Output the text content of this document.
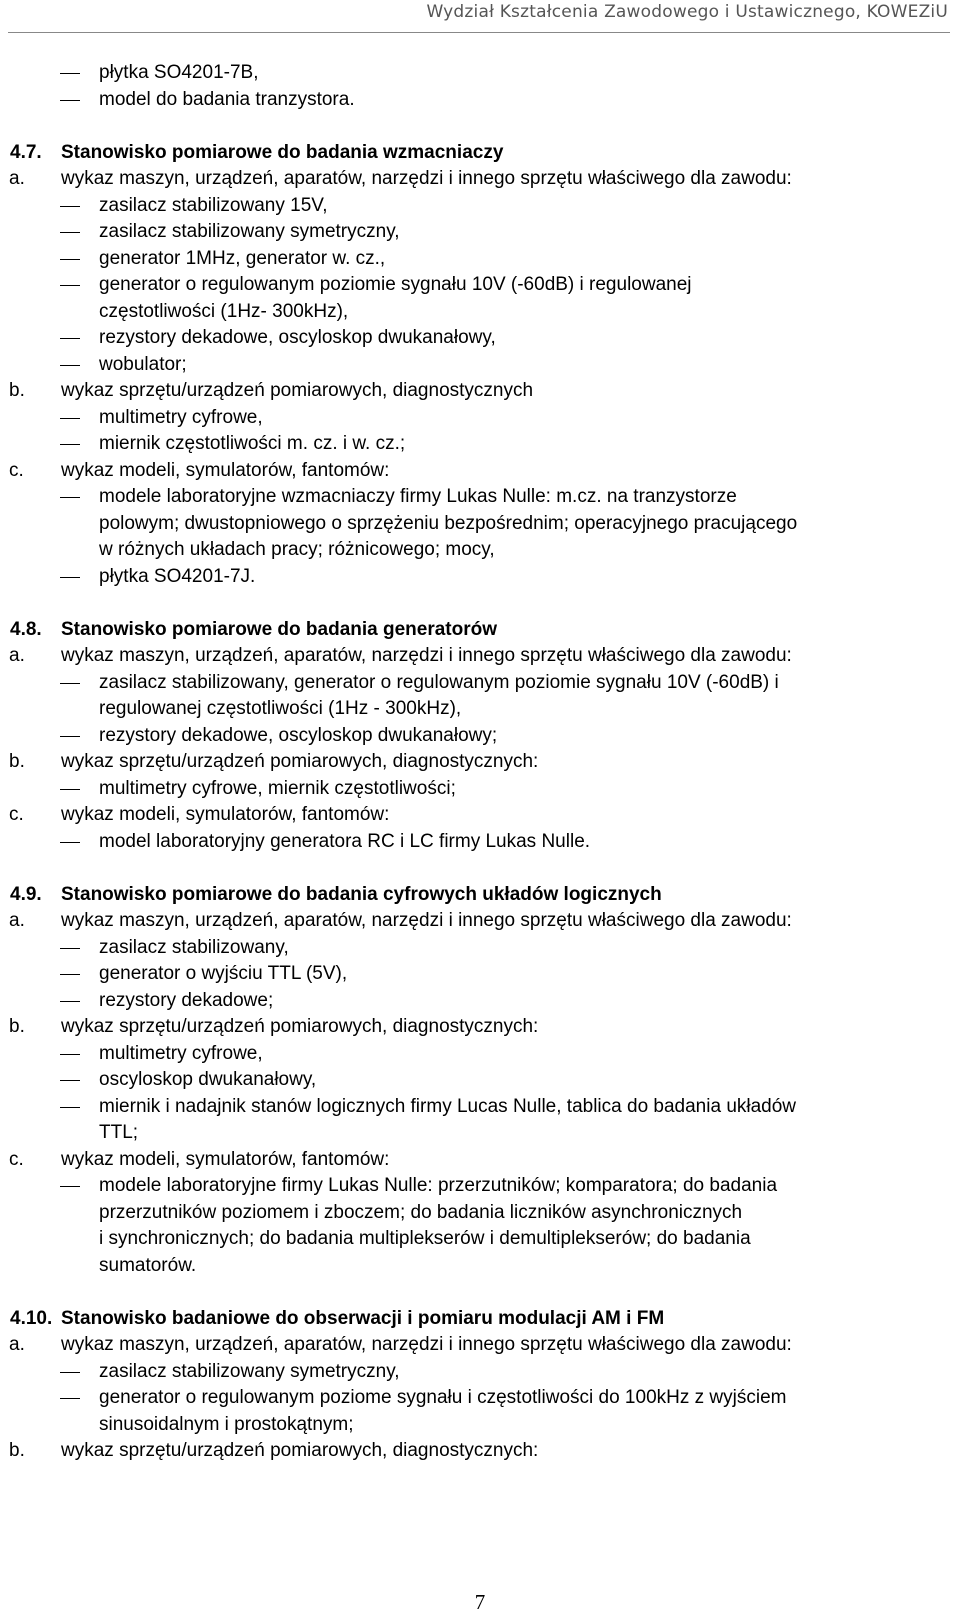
Wydział Kształcenia Zawodowego i Ustawicznego, KOWEZiU
płytka SO4201-7B,
model do badania tranzystora.
4.7. Stanowisko pomiarowe do badania wzmacniaczy
a. wykaz maszyn, urządzeń, aparatów, narzędzi i innego sprzętu właściwego dla zawodu:
zasilacz stabilizowany 15V,
zasilacz stabilizowany symetryczny,
generator 1MHz, generator w. cz.,
generator o regulowanym poziomie sygnału 10V (-60dB) i regulowanej
częstotliwości (1Hz- 300kHz),
rezystory dekadowe, oscyloskop dwukanałowy,
wobulator;
b. wykaz sprzętu/urządzeń pomiarowych, diagnostycznych
multimetry cyfrowe,
miernik częstotliwości m. cz. i w. cz.;
c. wykaz modeli, symulatorów, fantomów:
modele laboratoryjne wzmacniaczy firmy Lukas Nulle: m.cz. na tranzystorze
polowym; dwustopniowego o sprzężeniu bezpośrednim; operacyjnego pracującego
w różnych układach pracy; różnicowego; mocy,
płytka SO4201-7J.
4.8. Stanowisko pomiarowe do badania generatorów
a. wykaz maszyn, urządzeń, aparatów, narzędzi i innego sprzętu właściwego dla zawodu:
zasilacz stabilizowany, generator o regulowanym poziomie sygnału 10V (-60dB) i
regulowanej częstotliwości (1Hz - 300kHz),
rezystory dekadowe, oscyloskop dwukanałowy;
b. wykaz sprzętu/urządzeń pomiarowych, diagnostycznych:
multimetry cyfrowe, miernik częstotliwości;
c. wykaz modeli, symulatorów, fantomów:
model laboratoryjny generatora RC i LC firmy Lukas Nulle.
4.9. Stanowisko pomiarowe do badania cyfrowych układów logicznych
a. wykaz maszyn, urządzeń, aparatów, narzędzi i innego sprzętu właściwego dla zawodu:
zasilacz stabilizowany,
generator o wyjściu TTL (5V),
rezystory dekadowe;
b. wykaz sprzętu/urządzeń pomiarowych, diagnostycznych:
multimetry cyfrowe,
oscyloskop dwukanałowy,
miernik i nadajnik stanów logicznych firmy Lucas Nulle, tablica do badania układów
TTL;
c. wykaz modeli, symulatorów, fantomów:
modele laboratoryjne firmy Lukas Nulle: przerzutników; komparatora; do badania
przerzutników poziomem i zboczem; do badania liczników asynchronicznych
i synchronicznych; do badania multiplekserów i demultiplekserów; do badania
sumatorów.
4.10. Stanowisko badaniowe do obserwacji i pomiaru modulacji AM i FM
a. wykaz maszyn, urządzeń, aparatów, narzędzi i innego sprzętu właściwego dla zawodu:
zasilacz stabilizowany symetryczny,
generator o regulowanym poziome sygnału i częstotliwości do 100kHz z wyjściem
sinusoidalnym i prostokątnym;
b. wykaz sprzętu/urządzeń pomiarowych, diagnostycznych:
7
